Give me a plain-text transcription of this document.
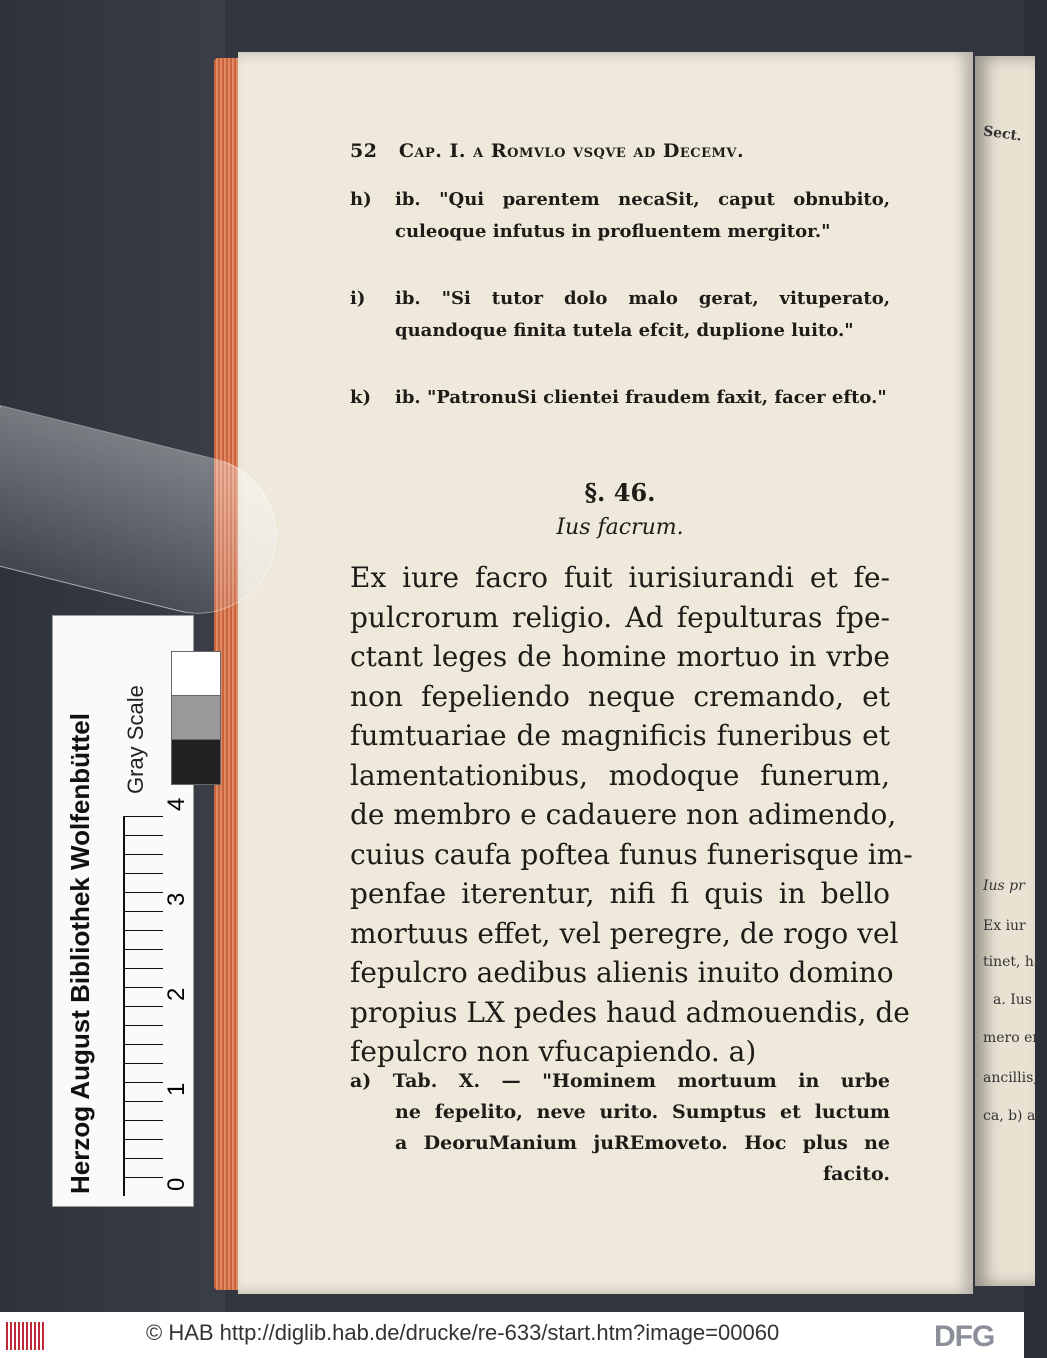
52 Cap. I. a Romvlo vsqve ad Decemv.
h) ib. "Qui parentem necaSit, caput obnubito, culeoque infutus in profluentem mergitor."
i) ib. "Si tutor dolo malo gerat, vituperato, quandoque finita tutela efcit, duplione luito."
k) ib. "PatronuSi clientei fraudem faxit, facer efto."
§. 46.
Ius facrum.
Ex iure facro fuit iurisiurandi et fe-
pulcrorum religio. Ad fepulturas fpe-
ctant leges de homine mortuo in vrbe
non fepeliendo neque cremando, et
fumtuariae de magnificis funeribus et
lamentationibus, modoque funerum,
de membro e cadauere non adimendo,
cuius caufa poftea funus funerisque im-
penfae iterentur, nifi fi quis in bello
mortuus effet, vel peregre, de rogo vel
fepulcro aedibus alienis inuito domino
propius LX pedes haud admouendis, de
fepulcro non vfucapiendo. a)
a) Tab. X. — "Hominem mortuum in urbe
ne fepelito, neve urito. Sumptus et luctum
a DeoruManium juREmoveto. Hoc plus ne
facito.
Sect.
Ius pr
Ex iur
tinet, ha
a. Ius
mero era
ancillis,
ca, b) au
Herzog August Bibliothek Wolfenbüttel Gray Scale
0
1
2
3
4
© HAB http://diglib.hab.de/drucke/re-633/start.htm?image=00060	DFG
